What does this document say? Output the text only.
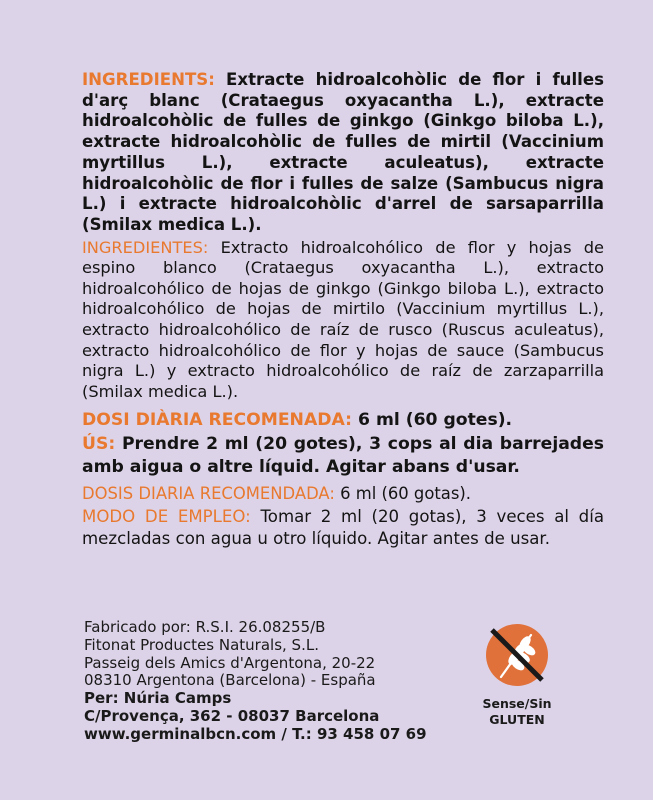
INGREDIENTS: Extracte hidroalcohòlic de flor i fulles d'arç blanc (Crataegus oxyacantha L.), extracte hidroalcohòlic de fulles de ginkgo (Ginkgo biloba L.), extracte hidroalcohòlic de fulles de mirtil (Vaccinium myrtillus L.), extracte aculeatus), extracte hidroalcohòlic de flor i fulles de salze (Sambucus nigra L.) i extracte hidroalcohòlic d'arrel de sarsaparrilla (Smilax medica L.).

INGREDIENTES: Extracto hidroalcohólico de flor y hojas de espino blanco (Crataegus oxyacantha L.), extracto hidroalcohólico de hojas de ginkgo (Ginkgo biloba L.), extracto hidroalcohólico de hojas de mirtilo (Vaccinium myrtillus L.), extracto hidroalcohólico de raíz de rusco (Ruscus aculeatus), extracto hidroalcohólico de flor y hojas de sauce (Sambucus nigra L.) y extracto hidroalcohólico de raíz de zarzaparrilla (Smilax medica L.).

DOSI DIÀRIA RECOMENADA: 6 ml (60 gotes).

ÚS: Prendre 2 ml (20 gotes), 3 cops al dia barrejades amb aigua o altre líquid. Agitar abans d'usar.

DOSIS DIARIA RECOMENDADA: 6 ml (60 gotas).

MODO DE EMPLEO: Tomar 2 ml (20 gotas), 3 veces al día mezcladas con agua u otro líquido. Agitar antes de usar.

Fabricado por: R.S.I. 26.08255/B
Fitonat Productes Naturals, S.L.
Passeig dels Amics d'Argentona, 20-22
08310 Argentona (Barcelona) - España
Per: Núria Camps
C/Provença, 362 - 08037 Barcelona
www.germinalbcn.com / T.: 93 458 07 69
Sense/Sin
GLUTEN
